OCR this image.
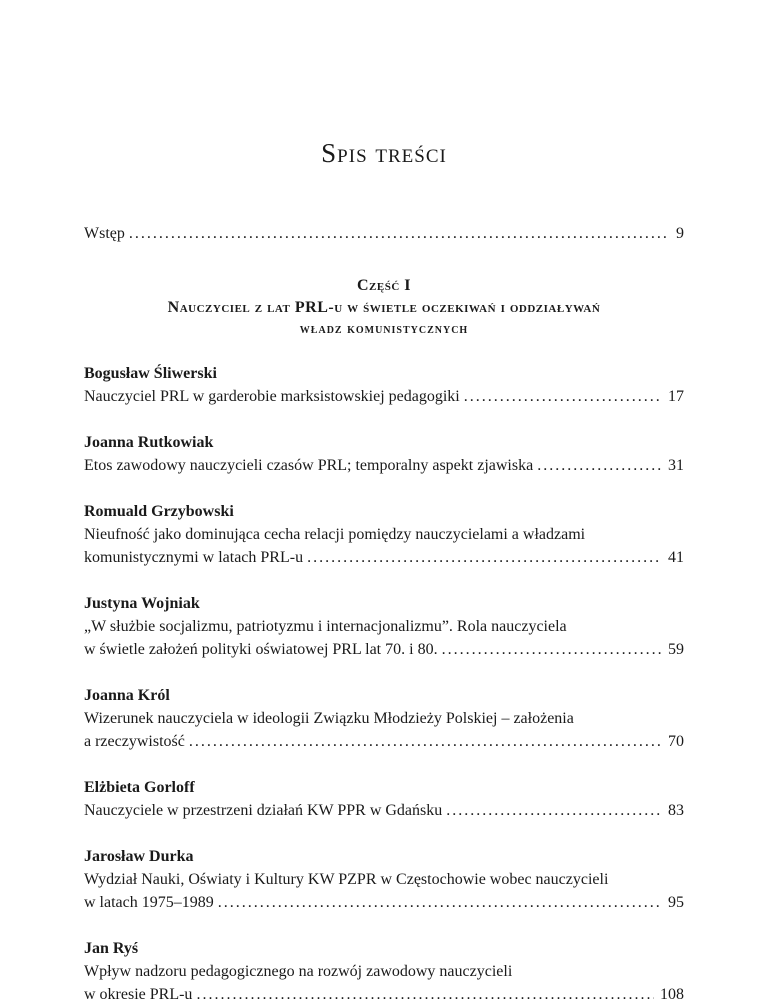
Spis treści
Wstęp . . .	9
Część I
Nauczyciel z lat PRL-u w świetle oczekiwań i oddziaływań
władz komunistycznych
Bogusław Śliwerski
Nauczyciel PRL w garderobie marksistowskiej pedagogiki . . .	17
Joanna Rutkowiak
Etos zawodowy nauczycieli czasów PRL; temporalny aspekt zjawiska . . .	31
Romuald Grzybowski
Nieufność jako dominująca cecha relacji pomiędzy nauczycielami a władzami
komunistycznymi w latach PRL-u . . .	41
Justyna Wojniak
„W służbie socjalizmu, patriotyzmu i internacjonalizmu”. Rola nauczyciela
w świetle założeń polityki oświatowej PRL lat 70. i 80. . . .	59
Joanna Król
Wizerunek nauczyciela w ideologii Związku Młodzieży Polskiej – założenia
a rzeczywistość . . .	70
Elżbieta Gorloff
Nauczyciele w przestrzeni działań KW PPR w Gdańsku . . .	83
Jarosław Durka
Wydział Nauki, Oświaty i Kultury KW PZPR w Częstochowie wobec nauczycieli
w latach 1975–1989 . . .	95
Jan Ryś
Wpływ nadzoru pedagogicznego na rozwój zawodowy nauczycieli
w okresie PRL-u . . .	108
